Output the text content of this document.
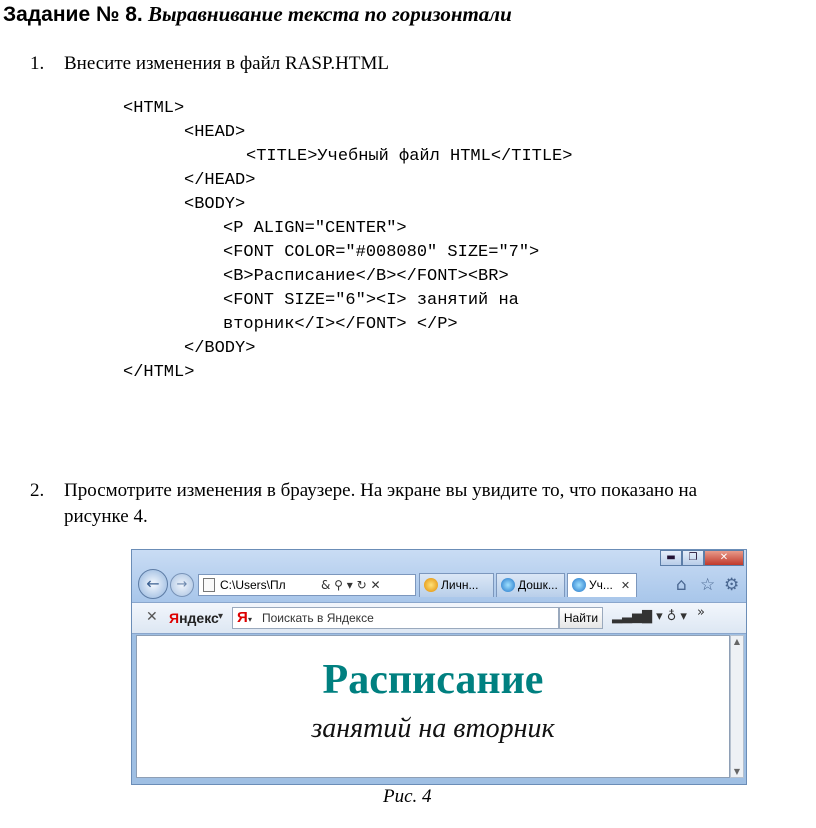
Задание № 8. Выравнивание текста по горизонтали
1. Внесите изменения в файл RASP.HTML

<HTML>

<HEAD>

<TITLE>Учебный файл HTML</TITLE>

</HEAD>

<BODY>

<P ALIGN="CENTER">

<FONT COLOR="#008080" SIZE="7">

<B>Расписание</B></FONT><BR>

<FONT SIZE="6"><I> занятий на

вторник</I></FONT> </P>

</BODY>

</HTML>

2. Просмотрите изменения в браузере. На экране вы увидите то, что показано на
рисунке 4.
▬	❐	✕
←	→	C:\Users\Пл	& ⚲ ▾ ↻ ✕	Личн...	Дошк...	Уч... ✕	⌂ ☆ ⚙
✕ Яндекс ▾ Я ▾ Поискать в Яндексе	Найти	▂▃▅▇ ▾ ♁ ▾ »
Расписание
занятий на вторник
▲
▼
Рис. 4
